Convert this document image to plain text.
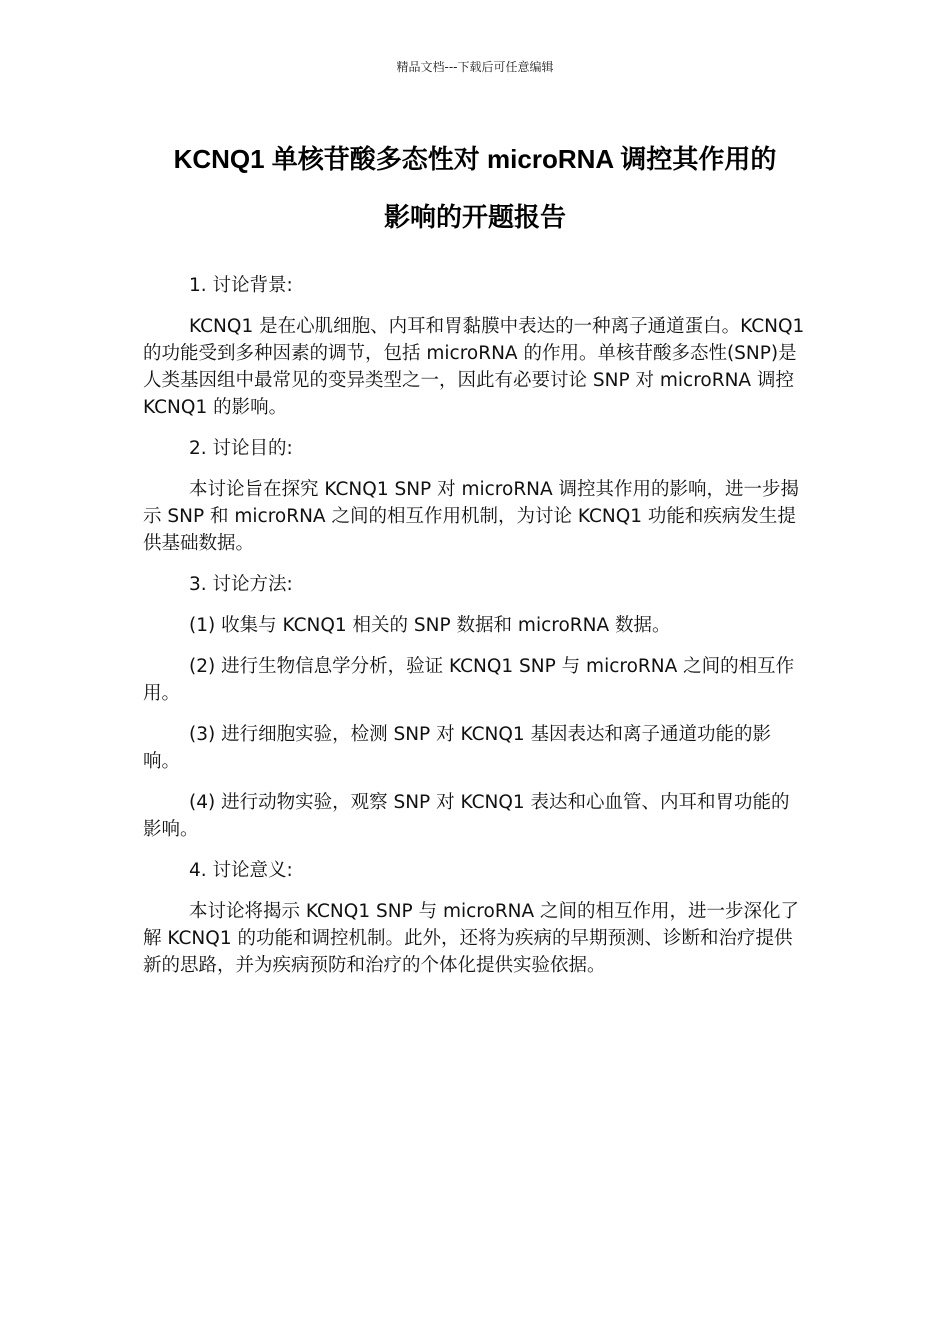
精品文档---下载后可任意编辑
KCNQ1 单核苷酸多态性对 microRNA 调控其作用的
影响的开题报告

1. 讨论背景:

KCNQ1 是在心肌细胞、内耳和胃黏膜中表达的一种离子通道蛋白。KCNQ1 的功能受到多种因素的调节，包括 microRNA 的作用。单核苷酸多态性(SNP)是人类基因组中最常见的变异类型之一，因此有必要讨论 SNP 对 microRNA 调控 KCNQ1 的影响。

2. 讨论目的:

本讨论旨在探究 KCNQ1 SNP 对 microRNA 调控其作用的影响，进一步揭示 SNP 和 microRNA 之间的相互作用机制，为讨论 KCNQ1 功能和疾病发生提供基础数据。

3. 讨论方法:

(1) 收集与 KCNQ1 相关的 SNP 数据和 microRNA 数据。

(2) 进行生物信息学分析，验证 KCNQ1 SNP 与 microRNA 之间的相互作用。

(3) 进行细胞实验，检测 SNP 对 KCNQ1 基因表达和离子通道功能的影响。

(4) 进行动物实验，观察 SNP 对 KCNQ1 表达和心血管、内耳和胃功能的影响。

4. 讨论意义:

本讨论将揭示 KCNQ1 SNP 与 microRNA 之间的相互作用，进一步深化了解 KCNQ1 的功能和调控机制。此外，还将为疾病的早期预测、诊断和治疗提供新的思路，并为疾病预防和治疗的个体化提供实验依据。
